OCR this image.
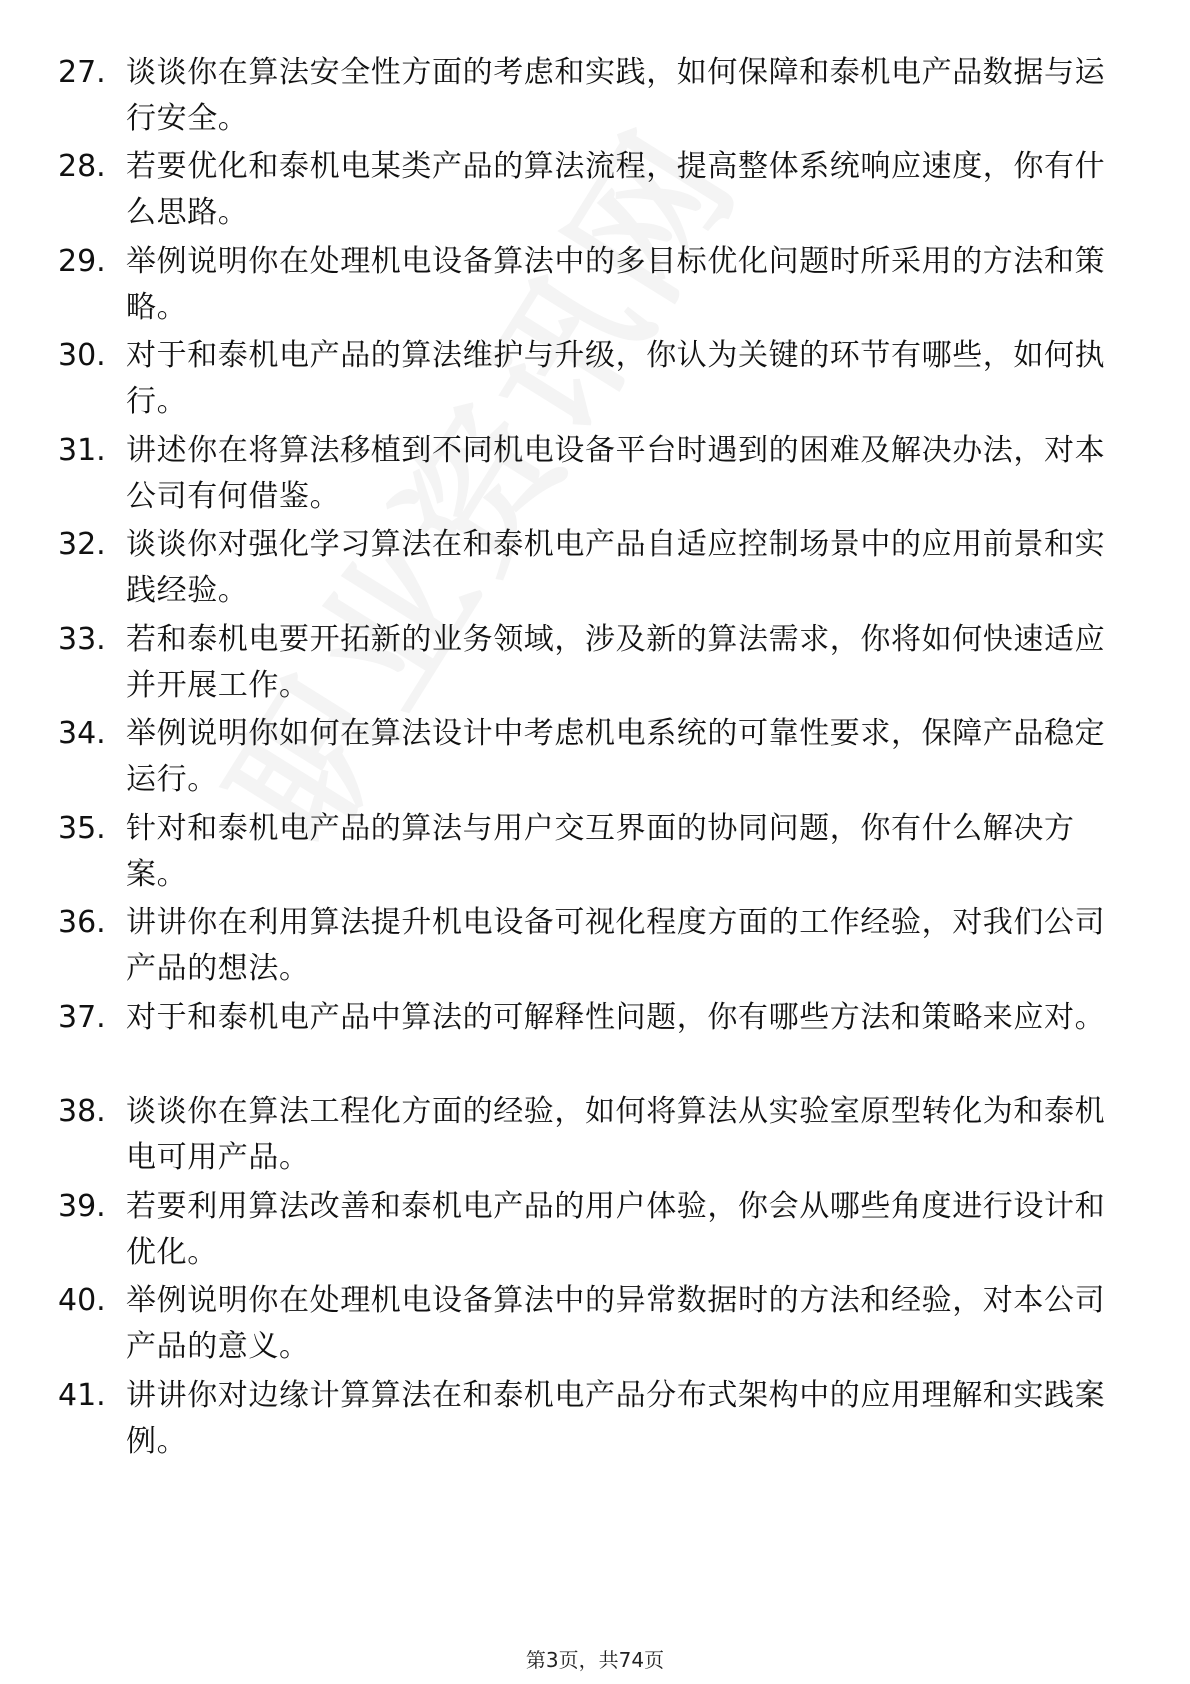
27. 谈谈你在算法安全性方面的考虑和实践，如何保障和泰机电产品数据与运行安全。
28. 若要优化和泰机电某类产品的算法流程，提高整体系统响应速度，你有什么思路。
29. 举例说明你在处理机电设备算法中的多目标优化问题时所采用的方法和策略。
30. 对于和泰机电产品的算法维护与升级，你认为关键的环节有哪些，如何执行。
31. 讲述你在将算法移植到不同机电设备平台时遇到的困难及解决办法，对本公司有何借鉴。
32. 谈谈你对强化学习算法在和泰机电产品自适应控制场景中的应用前景和实践经验。
33. 若和泰机电要开拓新的业务领域，涉及新的算法需求，你将如何快速适应并开展工作。
34. 举例说明你如何在算法设计中考虑机电系统的可靠性要求，保障产品稳定运行。
35. 针对和泰机电产品的算法与用户交互界面的协同问题，你有什么解决方案。
36. 讲讲你在利用算法提升机电设备可视化程度方面的工作经验，对我们公司产品的想法。
37. 对于和泰机电产品中算法的可解释性问题，你有哪些方法和策略来应对。
38. 谈谈你在算法工程化方面的经验，如何将算法从实验室原型转化为和泰机电可用产品。
39. 若要利用算法改善和泰机电产品的用户体验，你会从哪些角度进行设计和优化。
40. 举例说明你在处理机电设备算法中的异常数据时的方法和经验，对本公司产品的意义。
41. 讲讲你对边缘计算算法在和泰机电产品分布式架构中的应用理解和实践案例。
第3页，共74页
